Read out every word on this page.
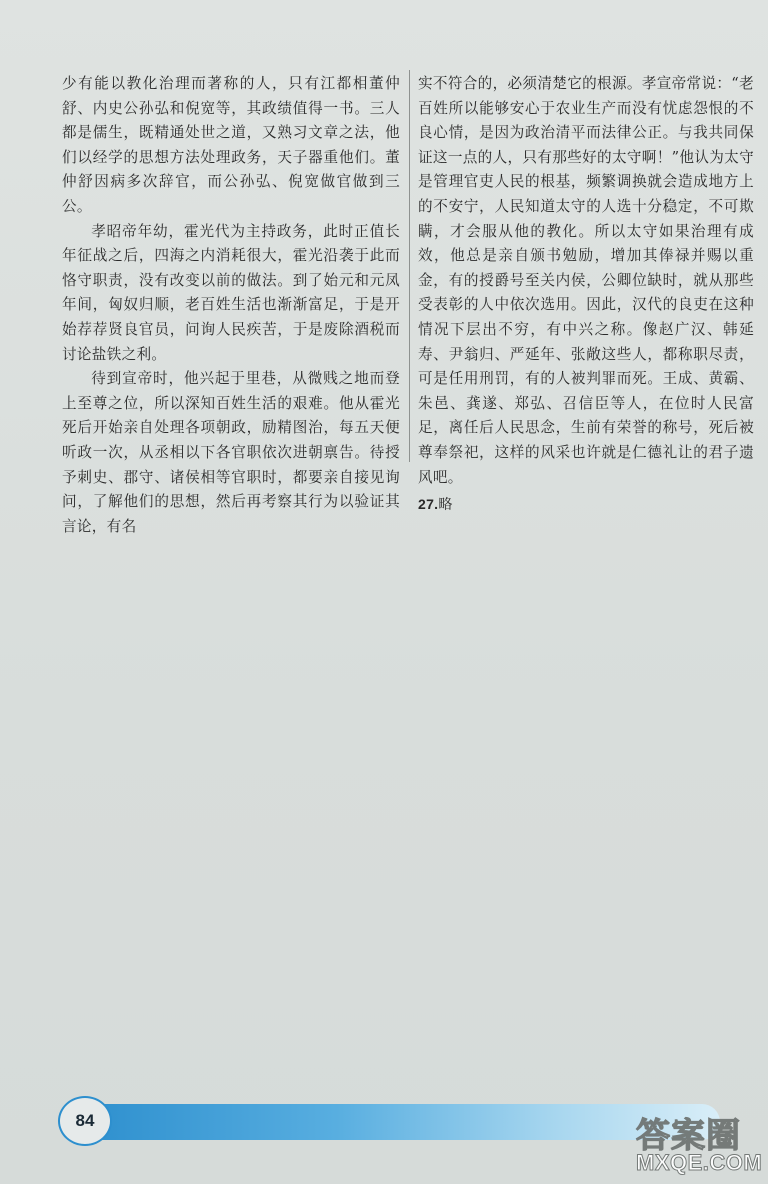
少有能以教化治理而著称的人，只有江都相董仲舒、内史公孙弘和倪宽等，其政绩值得一书。三人都是儒生，既精通处世之道，又熟习文章之法，他们以经学的思想方法处理政务，天子器重他们。董仲舒因病多次辞官，而公孙弘、倪宽做官做到三公。

孝昭帝年幼，霍光代为主持政务，此时正值长年征战之后，四海之内消耗很大，霍光沿袭于此而恪守职责，没有改变以前的做法。到了始元和元凤年间，匈奴归顺，老百姓生活也渐渐富足，于是开始荐荐贤良官员，问询人民疾苦，于是废除酒税而讨论盐铁之利。

待到宣帝时，他兴起于里巷，从微贱之地而登上至尊之位，所以深知百姓生活的艰难。他从霍光死后开始亲自处理各项朝政，励精图治，每五天便听政一次，从丞相以下各官职依次进朝禀告。待授予刺史、郡守、诸侯相等官职时，都要亲自接见询问，了解他们的思想，然后再考察其行为以验证其言论，有名

实不符合的，必须清楚它的根源。孝宣帝常说：“老百姓所以能够安心于农业生产而没有忧虑怨恨的不良心情，是因为政治清平而法律公正。与我共同保证这一点的人，只有那些好的太守啊！”他认为太守是管理官吏人民的根基，频繁调换就会造成地方上的不安宁，人民知道太守的人选十分稳定，不可欺瞒，才会服从他的教化。所以太守如果治理有成效，他总是亲自颁书勉励，增加其俸禄并赐以重金，有的授爵号至关内侯，公卿位缺时，就从那些受表彰的人中依次选用。因此，汉代的良吏在这种情况下层出不穷，有中兴之称。像赵广汉、韩延寿、尹翁归、严延年、张敞这些人，都称职尽责，可是任用刑罚，有的人被判罪而死。王成、黄霸、朱邑、龚遂、郑弘、召信臣等人，在位时人民富足，离任后人民思念，生前有荣誉的称号，死后被尊奉祭祀，这样的风采也许就是仁德礼让的君子遗风吧。

27.略
84	答案圈
MXQE.COM
